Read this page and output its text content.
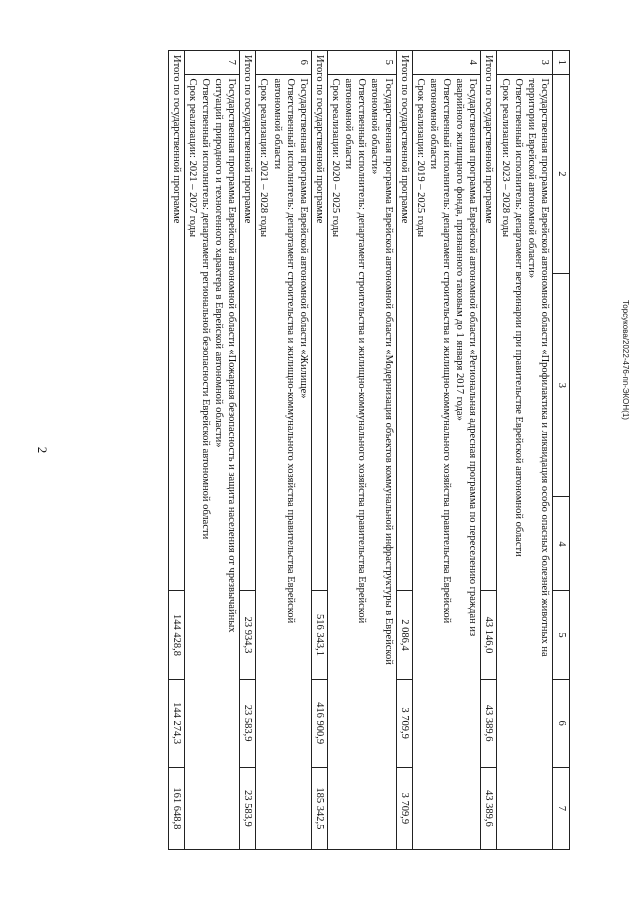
2
Торсукова/2022-476-пп-ЭКОН(1)
1	2	3	4	5	6	7
3	Государственная программа Еврейской автономной области «Профилактика и ликвидация особо опасных болезней животных на
территории Еврейской автономной области»
Ответственный исполнитель: департамент ветеринарии при правительстве Еврейской автономной области
Срок реализации: 2023 – 2028 годы					

Итого по государственной программе				43 146,0	43 389,6	43 389,6
4	Государственная программа Еврейской автономной области «Региональная адресная программа по переселению граждан из
аварийного жилищного фонда, признанного таковым до 1 января 2017 года»
Ответственный исполнитель: департамент строительства и жилищно-коммунального хозяйства правительства Еврейской
автономной области
Срок реализации: 2019 – 2025 годы					

Итого по государственной программе				2 086,4	3 709,9	3 709,9
5	Государственная программа Еврейской автономной области «Модернизация объектов коммунальной инфраструктуры в Еврейской
автономной области»
Ответственный исполнитель: департамент строительства и жилищно-коммунального хозяйства правительства Еврейской
автономной области
Срок реализации: 2020 – 2025 годы					

Итого по государственной программе				516 343,1	416 900,9	185 342,5
6	Государственная программа Еврейской автономной области «Жилище»
Ответственный исполнитель: департамент строительства и жилищно-коммунального хозяйства правительства Еврейской
автономной области
Срок реализации: 2021 – 2028 годы					

Итого по государственной программе				23 934,3	23 583,9	23 583,9
7	Государственная программа Еврейской автономной области «Пожарная безопасность и защита населения от чрезвычайных
ситуаций природного и техногенного характера в Еврейской автономной области»
Ответственный исполнитель: департамент региональной безопасности Еврейской автономной области
Срок реализации: 2021 – 2027 годы					

Итого по государственной программе				144 428,8	144 274,3	161 648,8
